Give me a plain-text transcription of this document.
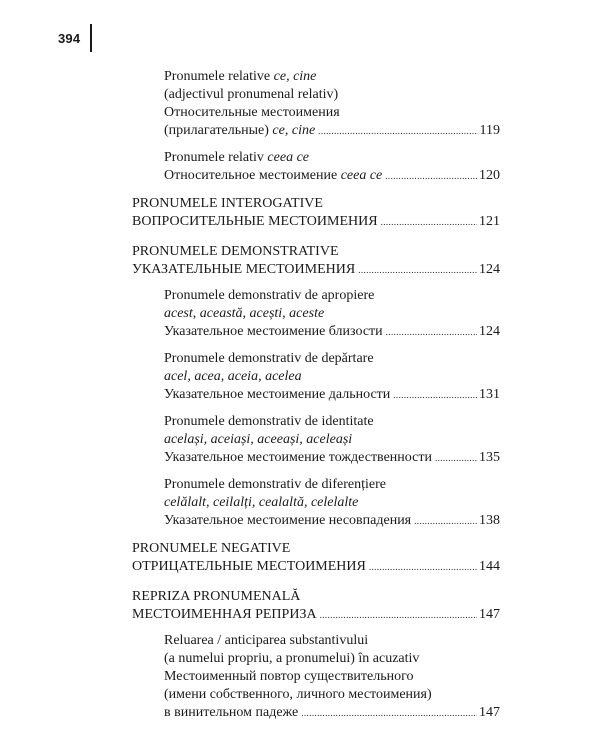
394
Pronumele relative ce, cine
(adjectivul pronumenal relativ)
Относительные местоимения
(прилагательные) ce, cine .....	119
Pronumele relativ ceea ce
Относительное местоимение ceea ce .....	120
PRONUMELE INTEROGATIVE
ВОПРОСИТЕЛЬНЫЕ МЕСТОИМЕНИЯ .....	121
PRONUMELE DEMONSTRATIVE
УКАЗАТЕЛЬНЫЕ МЕСТОИМЕНИЯ .....	124
Pronumele demonstrativ de apropiere
acest, această, acești, aceste
Указательное местоимение близости .....	124
Pronumele demonstrativ de depărtare
acel, acea, aceia, acelea
Указательное местоимение дальности .....	131
Pronumele demonstrativ de identitate
același, aceiași, aceeași, aceleași
Указательное местоимение тождественности .....	135
Pronumele demonstrativ de diferențiere
celălalt, ceilalți, cealaltă, celelalte
Указательное местоимение несовпадения .....	138
PRONUMELE NEGATIVE
ОТРИЦАТЕЛЬНЫЕ МЕСТОИМЕНИЯ .....	144
REPRIZA PRONUMENALĂ
МЕСТОИМЕННАЯ РЕПРИЗА .....	147
Reluarea / anticiparea substantivului
(a numelui propriu, a pronumelui) în acuzativ
Местоименный повтор существительного
(имени собственного, личного местоимения)
в винительном падеже .....	147
